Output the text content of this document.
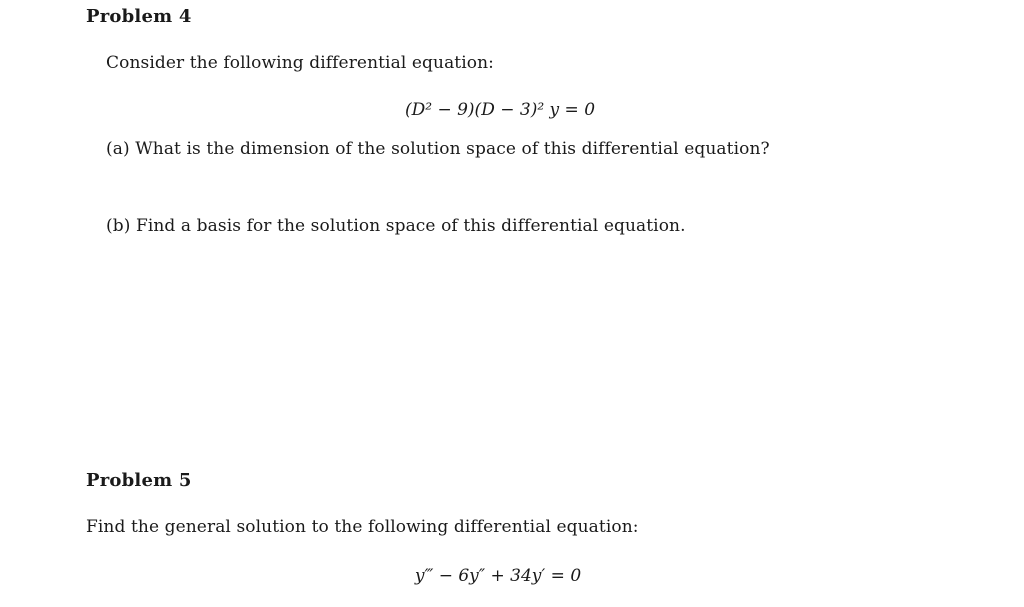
Problem 4
Consider the following differential equation:
(D² − 9)(D − 3)² y = 0
(a) What is the dimension of the solution space of this differential equation?
(b) Find a basis for the solution space of this differential equation.
Problem 5
Find the general solution to the following differential equation:
y‴ − 6y″ + 34y′ = 0
